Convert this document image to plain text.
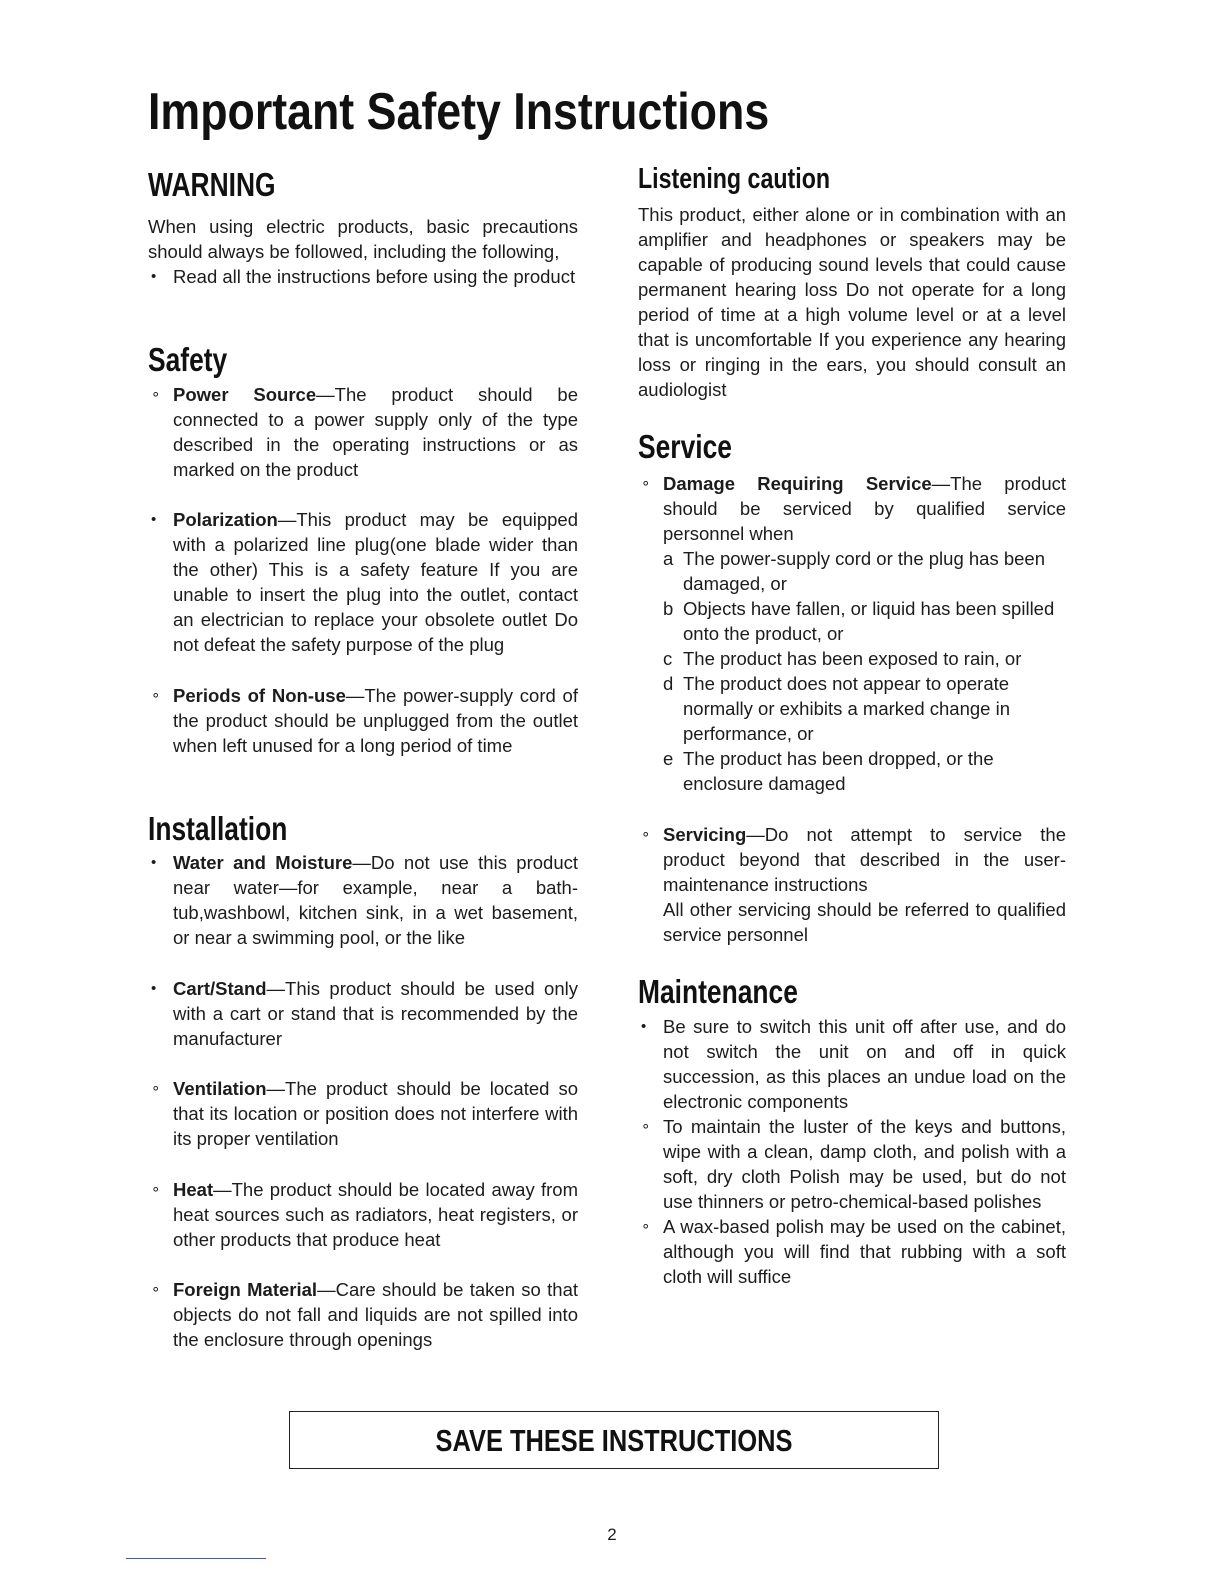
Important Safety Instructions
WARNING

When using electric products, basic precautions should always be followed, including the following,

• Read all the instructions before using the product
Safety
∘ Power Source—The product should be connected to a power supply only of the type described in the operating instructions or as marked on the product
• Polarization—This product may be equipped with a polarized line plug(one blade wider than the other) This is a safety feature If you are unable to insert the plug into the outlet, contact an electrician to replace your obsolete outlet Do not defeat the safety purpose of the plug
∘ Periods of Non-use—The power-supply cord of the product should be unplugged from the outlet when left unused for a long period of time
Installation
• Water and Moisture—Do not use this product near water—for example, near a bath-tub,washbowl, kitchen sink, in a wet basement, or near a swimming pool, or the like
• Cart/Stand—This product should be used only with a cart or stand that is recommended by the manufacturer
∘ Ventilation—The product should be located so that its location or position does not interfere with its proper ventilation
∘ Heat—The product should be located away from heat sources such as radiators, heat registers, or other products that produce heat
∘ Foreign Material—Care should be taken so that objects do not fall and liquids are not spilled into the enclosure through openings
Listening caution

This product, either alone or in combination with an amplifier and headphones or speakers may be capable of producing sound levels that could cause permanent hearing loss Do not operate for a long period of time at a high volume level or at a level that is uncomfortable If you experience any hearing loss or ringing in the ears, you should consult an audiologist

Service
∘ Damage Requiring Service—The product should be serviced by qualified service personnel when
a The power-supply cord or the plug has been damaged, or
b Objects have fallen, or liquid has been spilled onto the product, or
c The product has been exposed to rain, or
d The product does not appear to operate normally or exhibits a marked change in performance, or
e The product has been dropped, or the enclosure damaged
∘ Servicing—Do not attempt to service the product beyond that described in the user-maintenance instructions
All other servicing should be referred to qualified service personnel
Maintenance
• Be sure to switch this unit off after use, and do not switch the unit on and off in quick succession, as this places an undue load on the electronic components
∘ To maintain the luster of the keys and buttons, wipe with a clean, damp cloth, and polish with a soft, dry cloth Polish may be used, but do not use thinners or petro-chemical-based polishes
∘ A wax-based polish may be used on the cabinet, although you will find that rubbing with a soft cloth will suffice
SAVE THESE INSTRUCTIONS
2
